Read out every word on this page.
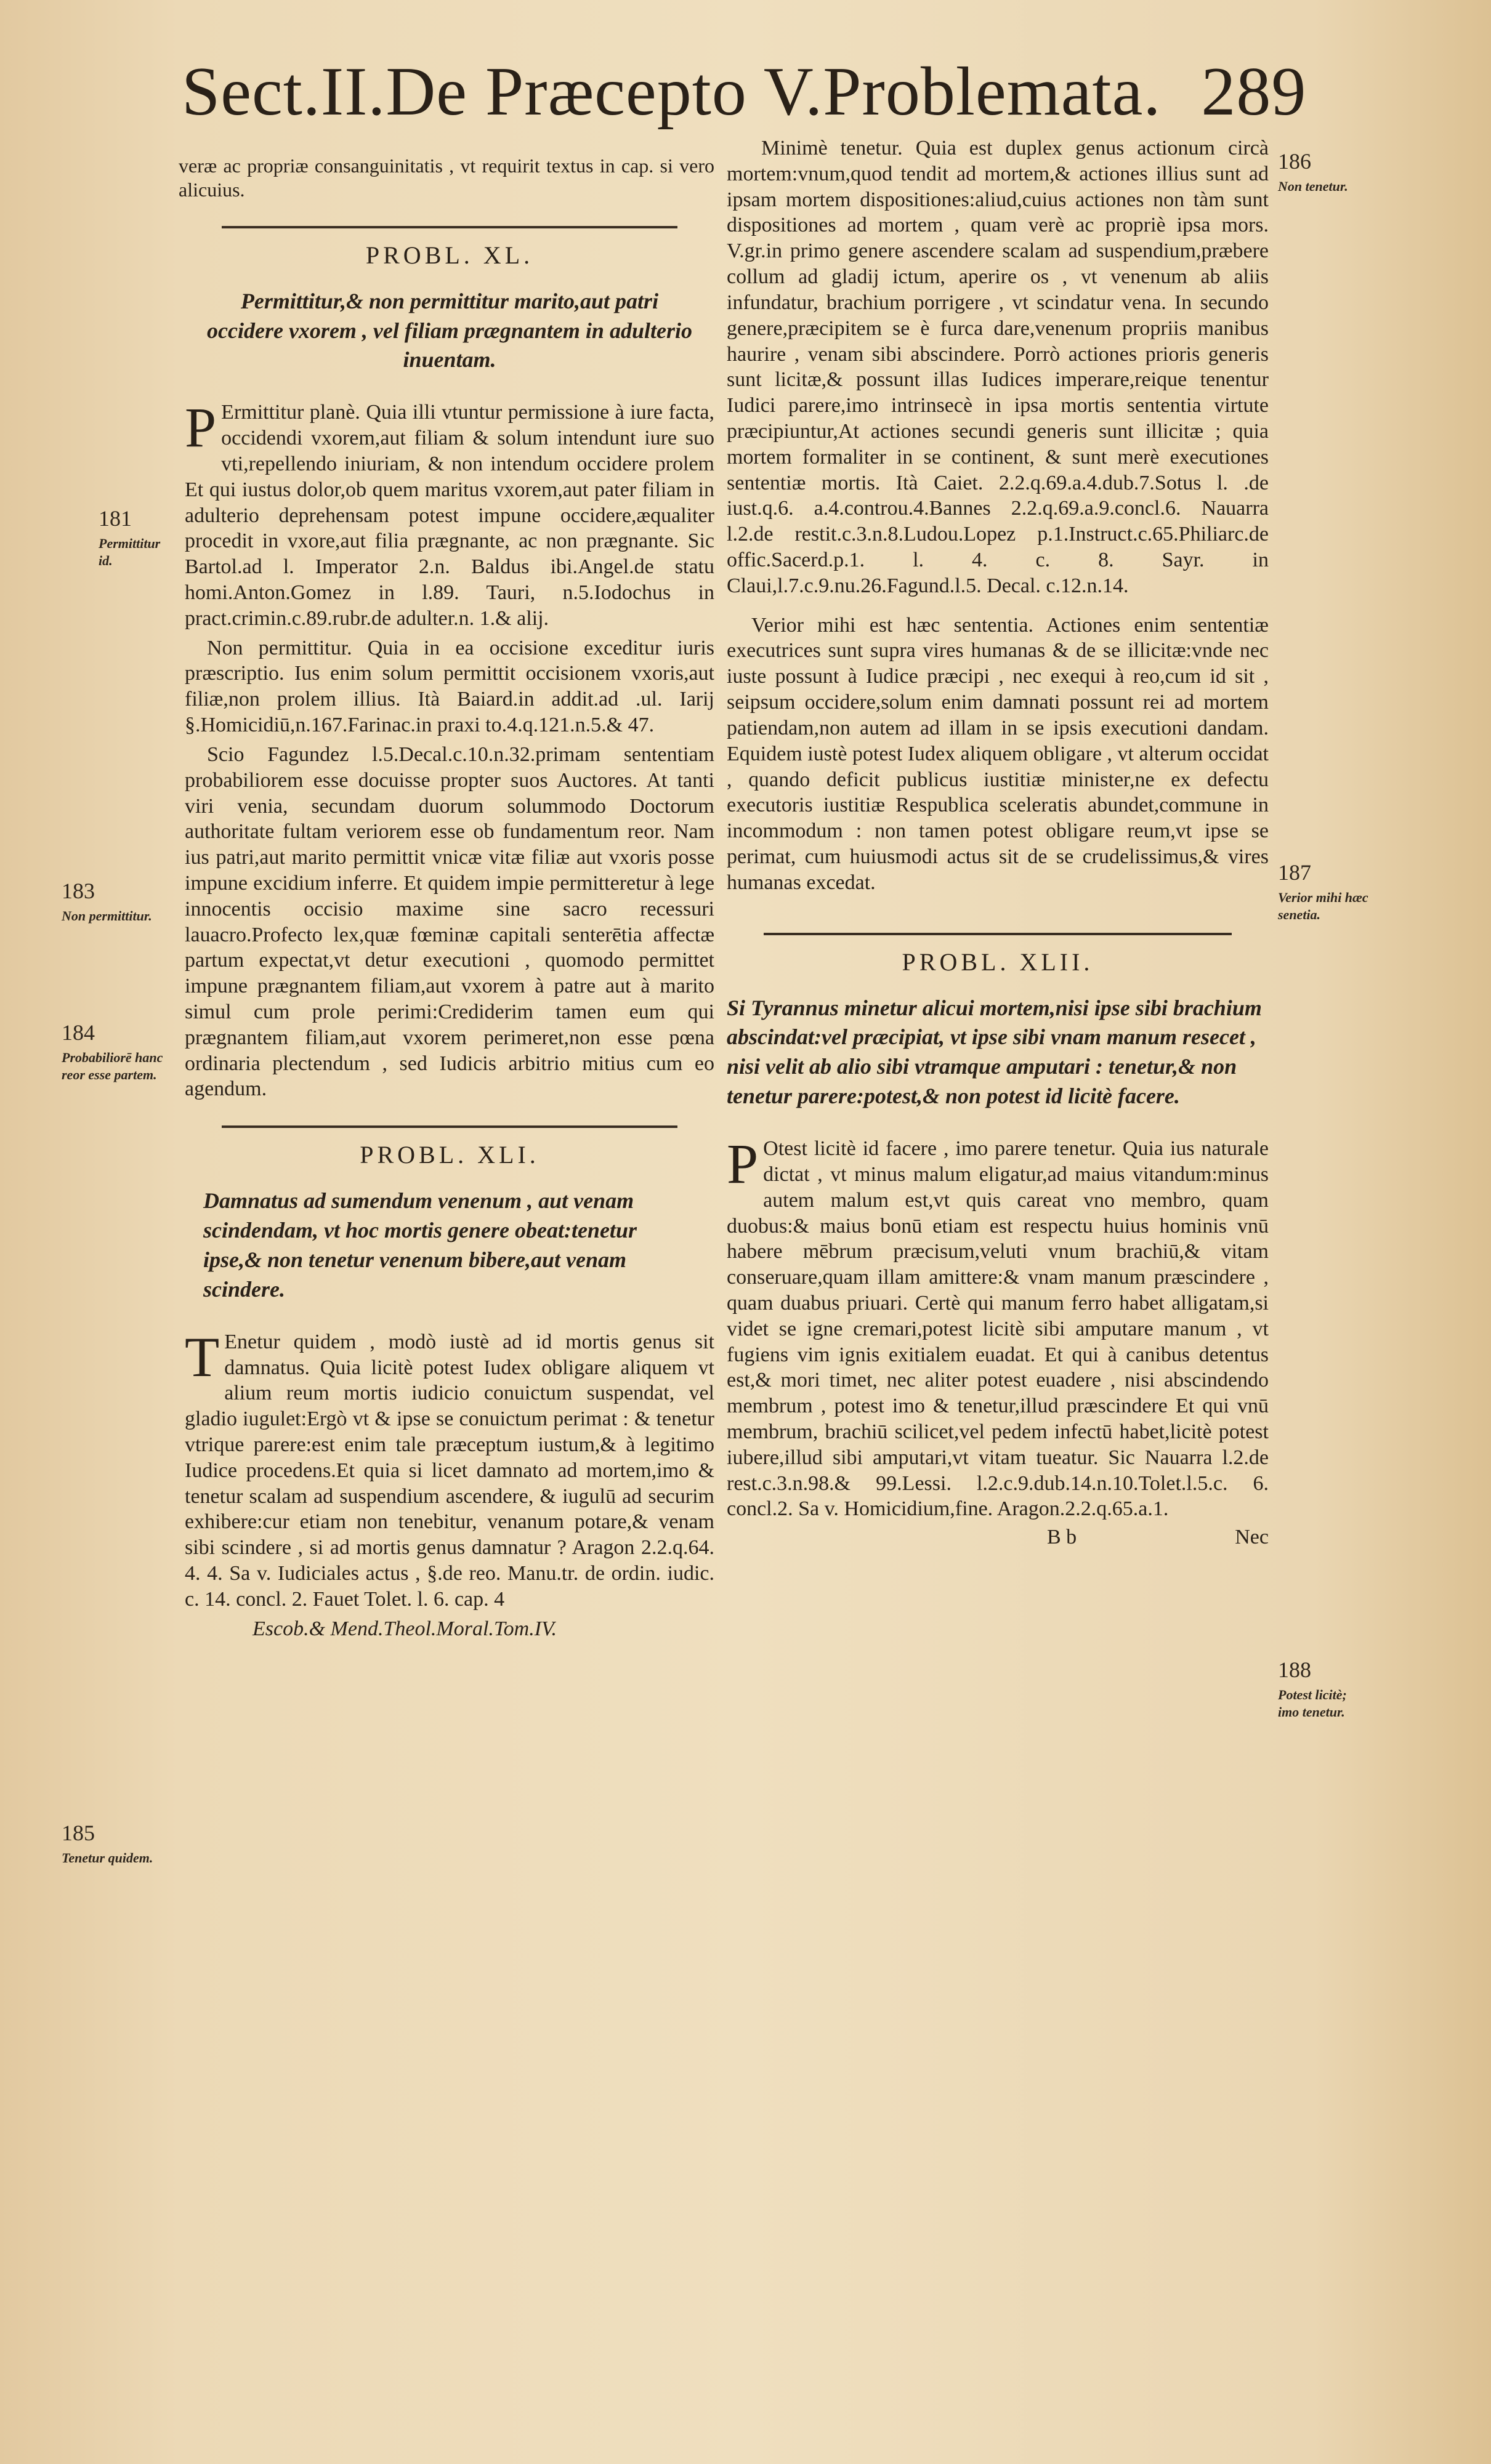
Sect.II.De Præcepto V.Problemata. 289

veræ ac propriæ consanguinitatis , vt requirit textus in cap. si vero alicuius.

PROBL. XL.
Permittitur,& non permittitur marito,aut patri occidere vxorem , vel filiam prægnantem in adulterio inuentam.

P Ermittitur planè. Quia illi vtuntur permissione à iure facta, occidendi vxorem,aut filiam & solum intendunt iure suo vti,repellendo iniuriam, & non intendum occidere prolem Et qui iustus dolor,ob quem maritus vxorem,aut pater filiam in adulterio deprehensam potest impune occidere,æqualiter procedit in vxore,aut filia prægnante, ac non prægnante. Sic Bartol.ad l. Imperator 2.n. Baldus ibi.Angel.de statu homi.Anton.Gomez in l.89. Tauri, n.5.Iodochus in pract.crimin.c.89.rubr.de adulter.n. 1.& alij.

Non permittitur. Quia in ea occisione exceditur iuris præscriptio. Ius enim solum permittit occisionem vxoris,aut filiæ,non prolem illius. Ità Baiard.in addit.ad .ul. Iarij §.Homicidiū,n.167.Farinac.in praxi to.4.q.121.n.5.& 47.

Scio Fagundez l.5.Decal.c.10.n.32.primam sententiam probabiliorem esse docuisse propter suos Auctores. At tanti viri venia, secundam duorum solummodo Doctorum authoritate fultam veriorem esse ob fundamentum reor. Nam ius patri,aut marito permittit vnicæ vitæ filiæ aut vxoris posse impune excidium inferre. Et quidem impie permitteretur à lege innocentis occisio maxime sine sacro recessuri lauacro.Profecto lex,quæ fœminæ capitali senterētia affectæ partum expectat,vt detur executioni , quomodo permittet impune prægnantem filiam,aut vxorem à patre aut à marito simul cum prole perimi:Crediderim tamen eum qui prægnantem filiam,aut vxorem perimeret,non esse pœna ordinaria plectendum , sed Iudicis arbitrio mitius cum eo agendum.

PROBL. XLI.
Damnatus ad sumendum venenum , aut venam scindendam, vt hoc mortis genere obeat:tenetur ipse,& non tenetur venenum bibere,aut venam scindere.

T Enetur quidem , modò iustè ad id mortis genus sit damnatus. Quia licitè potest Iudex obligare aliquem vt alium reum mortis iudicio conuictum suspendat, vel gladio iugulet:Ergò vt & ipse se conuictum perimat : & tenetur vtrique parere:est enim tale præceptum iustum,& à legitimo Iudice procedens.Et quia si licet damnato ad mortem,imo & tenetur scalam ad suspendium ascendere, & iugulū ad securim exhibere:cur etiam non tenebitur, venanum potare,& venam sibi scindere , si ad mortis genus damnatur ? Aragon 2.2.q.64. 4. 4. Sa v. Iudiciales actus , §.de reo. Manu.tr. de ordin. iudic. c. 14. concl. 2. Fauet Tolet. l. 6. cap. 4

Escob.& Mend.Theol.Moral.Tom.IV.

Minimè tenetur. Quia est duplex genus actionum circà mortem:vnum,quod tendit ad mortem,& actiones illius sunt ad ipsam mortem dispositiones:aliud,cuius actiones non tàm sunt dispositiones ad mortem , quam verè ac propriè ipsa mors. V.gr.in primo genere ascendere scalam ad suspendium,præbere collum ad gladij ictum, aperire os , vt venenum ab aliis infundatur, brachium porrigere , vt scindatur vena. In secundo genere,præcipitem se è furca dare,venenum propriis manibus haurire , venam sibi abscindere. Porrò actiones prioris generis sunt licitæ,& possunt illas Iudices imperare,reique tenentur Iudici parere,imo intrinsecè in ipsa mortis sententia virtute præcipiuntur,At actiones secundi generis sunt illicitæ ; quia mortem formaliter in se continent, & sunt merè executiones sententiæ mortis. Ità Caiet. 2.2.q.69.a.4.dub.7.Sotus l. .de iust.q.6. a.4.controu.4.Bannes 2.2.q.69.a.9.concl.6. Nauarra l.2.de restit.c.3.n.8.Ludou.Lopez p.1.Instruct.c.65.Philiarc.de offic.Sacerd.p.1. l. 4. c. 8. Sayr. in Claui,l.7.c.9.nu.26.Fagund.l.5. Decal. c.12.n.14.

Verior mihi est hæc sententia. Actiones enim sententiæ executrices sunt supra vires humanas & de se illicitæ:vnde nec iuste possunt à Iudice præcipi , nec exequi à reo,cum id sit , seipsum occidere,solum enim damnati possunt rei ad mortem patiendam,non autem ad illam in se ipsis executioni dandam. Equidem iustè potest Iudex aliquem obligare , vt alterum occidat , quando deficit publicus iustitiæ minister,ne ex defectu executoris iustitiæ Respublica sceleratis abundet,commune in incommodum : non tamen potest obligare reum,vt ipse se perimat, cum huiusmodi actus sit de se crudelissimus,& vires humanas excedat.

PROBL. XLII.
Si Tyrannus minetur alicui mortem,nisi ipse sibi brachium abscindat:vel præcipiat, vt ipse sibi vnam manum resecet , nisi velit ab alio sibi vtramque amputari : tenetur,& non tenetur parere:potest,& non potest id licitè facere.

P Otest licitè id facere , imo parere tenetur. Quia ius naturale dictat , vt minus malum eligatur,ad maius vitandum:minus autem malum est,vt quis careat vno membro, quam duobus:& maius bonū etiam est respectu huius hominis vnū habere mēbrum præcisum,veluti vnum brachiū,& vitam conseruare,quam illam amittere:& vnam manum præscindere , quam duabus priuari. Certè qui manum ferro habet alligatam,si videt se igne cremari,potest licitè sibi amputare manum , vt fugiens vim ignis exitialem euadat. Et qui à canibus detentus est,& mori timet, nec aliter potest euadere , nisi abscindendo membrum , potest imo & tenetur,illud præscindere Et qui vnū membrum, brachiū scilicet,vel pedem infectū habet,licitè potest iubere,illud sibi amputari,vt vitam tueatur. Sic Nauarra l.2.de rest.c.3.n.98.& 99.Lessi. l.2.c.9.dub.14.n.10.Tolet.l.5.c. 6. concl.2. Sa v. Homicidium,fine. Aragon.2.2.q.65.a.1.

B b	Nec
181
Permittitur id.
183
Non permittitur.
184
Probabiliorē hanc reor esse partem.
185
Tenetur quidem.
186
Non tenetur.
187
Verior mihi hæc senetia.
188
Potest licitè; imo tenetur.
